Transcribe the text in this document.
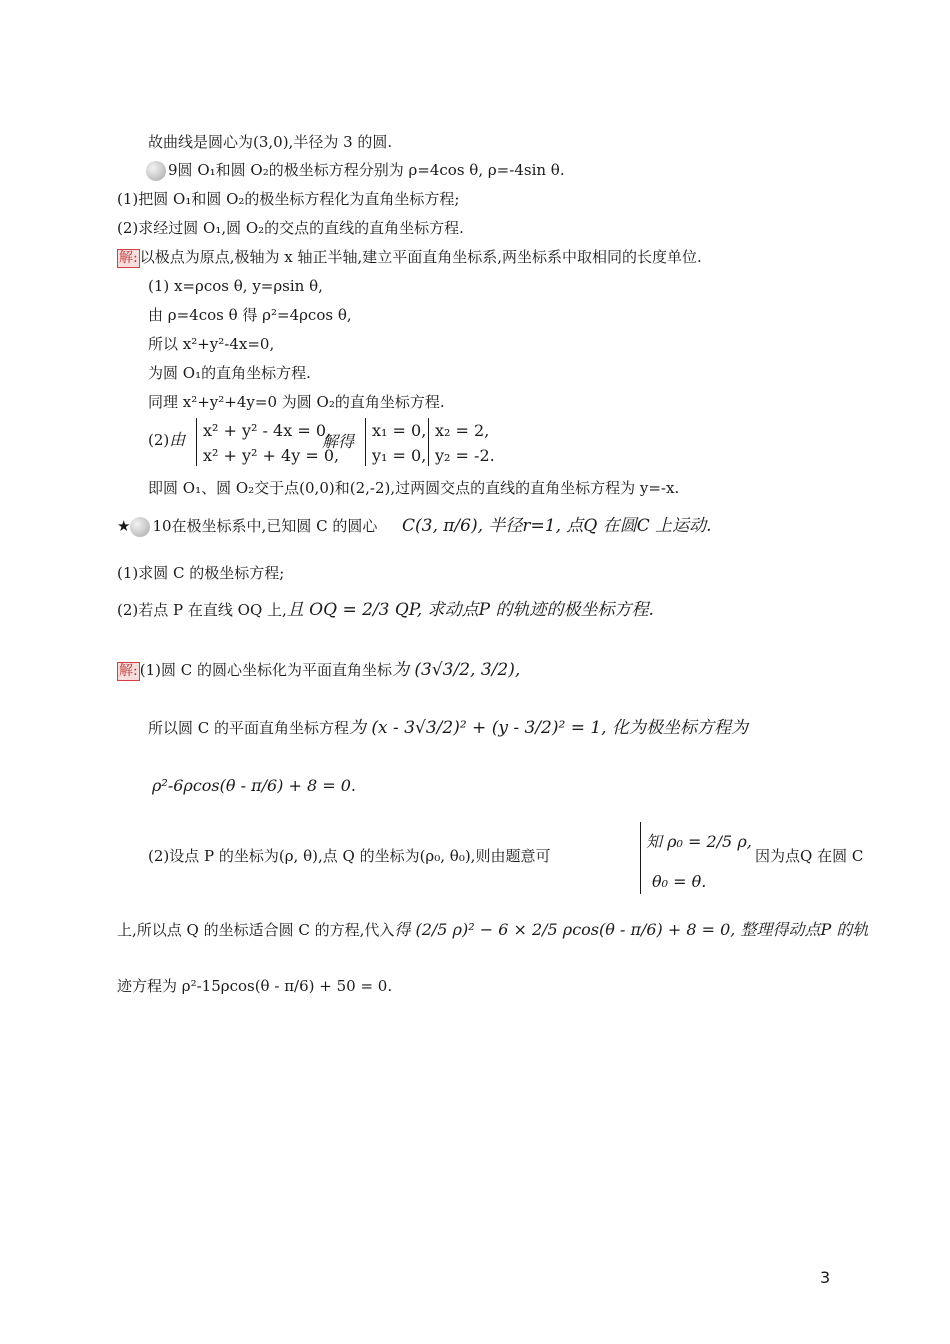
故曲线是圆心为(3,0),半径为 3 的圆.
9圆 O₁和圆 O₂的极坐标方程分别为 ρ=4cos θ, ρ=-4sin θ.
(1)把圆 O₁和圆 O₂的极坐标方程化为直角坐标方程;
(2)求经过圆 O₁,圆 O₂的交点的直线的直角坐标方程.
解: 以极点为原点,极轴为 x 轴正半轴,建立平面直角坐标系,两坐标系中取相同的长度单位.
(1) x=ρcos θ, y=ρsin θ,
由 ρ=4cos θ 得 ρ²=4ρcos θ,
所以 x²+y²-4x=0,
为圆 O₁的直角坐标方程.
同理 x²+y²+4y=0 为圆 O₂的直角坐标方程.
(2)由 x² + y² - 4x = 0,
x² + y² + 4y = 0,
解得
x₁ = 0,
y₁ = 0,
x₂ = 2,
y₂ = -2.
即圆 O₁、圆 O₂交于点(0,0)和(2,-2),过两圆交点的直线的直角坐标方程为 y=-x.
★ 10在极坐标系中,已知圆 C 的圆心 C(3, π/6), 半径r=1, 点Q 在圆C 上运动.
(1)求圆 C 的极坐标方程;
(2)若点 P 在直线 OQ 上,且 OQ = 2/3 QP, 求动点P 的轨迹的极坐标方程.
解: (1)圆 C 的圆心坐标化为平面直角坐标为 (3√3/2, 3/2),
所以圆 C 的平面直角坐标方程为 (x - 3√3/2)² + (y - 3/2)² = 1, 化为极坐标方程为
ρ²-6ρcos(θ - π/6) + 8 = 0.
(2)设点 P 的坐标为(ρ, θ),点 Q 的坐标为(ρ₀, θ₀),则由题意可
知 ρ₀ = 2/5 ρ,
θ₀ = θ.
因为点Q 在圆 C
上,所以点 Q 的坐标适合圆 C 的方程,代入得 (2/5 ρ)² − 6 × 2/5 ρcos(θ - π/6) + 8 = 0, 整理得动点P 的轨
迹方程为 ρ²-15ρcos(θ - π/6) + 50 = 0.
3
